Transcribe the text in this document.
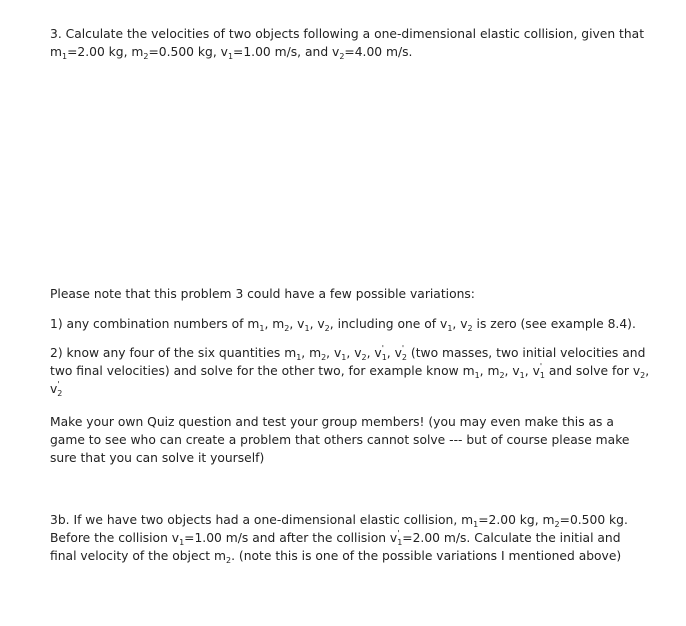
3. Calculate the velocities of two objects following a one-dimensional elastic collision, given that
$m_1=2.00$ kg, $m_2=0.500$ kg, $v_1=1.00$ m/s, and $v_2=4.00$ m/s.

Please note that this problem 3 could have a few possible variations:

1) any combination numbers of $m_1$, $m_2$, $v_1$, $v_2$, including one of $v_1$, $v_2$ is zero (see example 8.4).

2) know any four of the six quantities $m_1$, $m_2$, $v_1$, $v_2$, v '
$_1$, v '
$_2$ (two masses, two initial velocities and two final velocities) and solve for the other two, for example know $m_1$, $m_2$, $v_1$, v '
$_1$ and solve for $v_2$, v '
$_2$

Make your own Quiz question and test your group members! (you may even make this as a game to see who can create a problem that others cannot solve --- but of course please make sure that you can solve it yourself)

3b. If we have two objects had a one-dimensional elastic collision, $m_1=2.00$ kg, $m_2=0.500$ kg. Before the collision $v_1=1.00$ m/s and after the collision v '
$_1$=2.00 m/s. Calculate the initial and final velocity of the object $m_2$. (note this is one of the possible variations I mentioned above)
